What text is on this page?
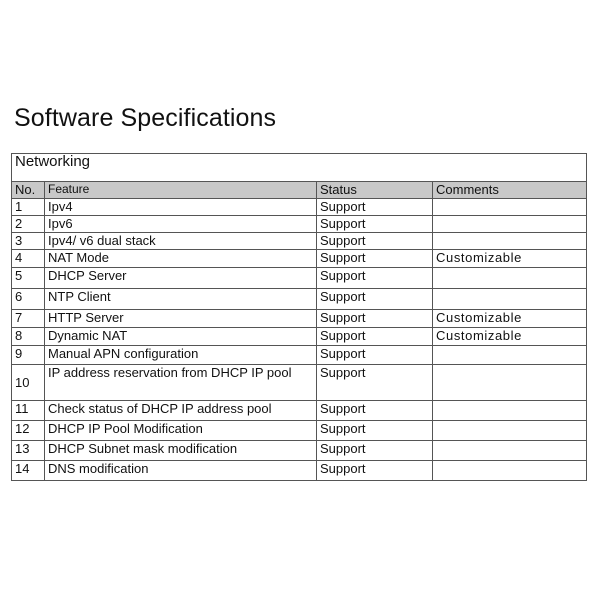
Software Specifications
Networking			
No.	Feature	Status	Comments
1	Ipv4	Support	
2	Ipv6	Support	
3	Ipv4/ v6 dual stack	Support	
4	NAT Mode	Support	Customizable
5	DHCP Server	Support	
6	NTP Client	Support	
7	HTTP Server	Support	Customizable
8	Dynamic NAT	Support	Customizable
9	Manual APN configuration	Support	
10	IP address reservation from DHCP IP pool	Support	
11	Check status of DHCP IP address pool	Support	
12	DHCP IP Pool Modification	Support	
13	DHCP Subnet mask modification	Support	
14	DNS modification	Support	
